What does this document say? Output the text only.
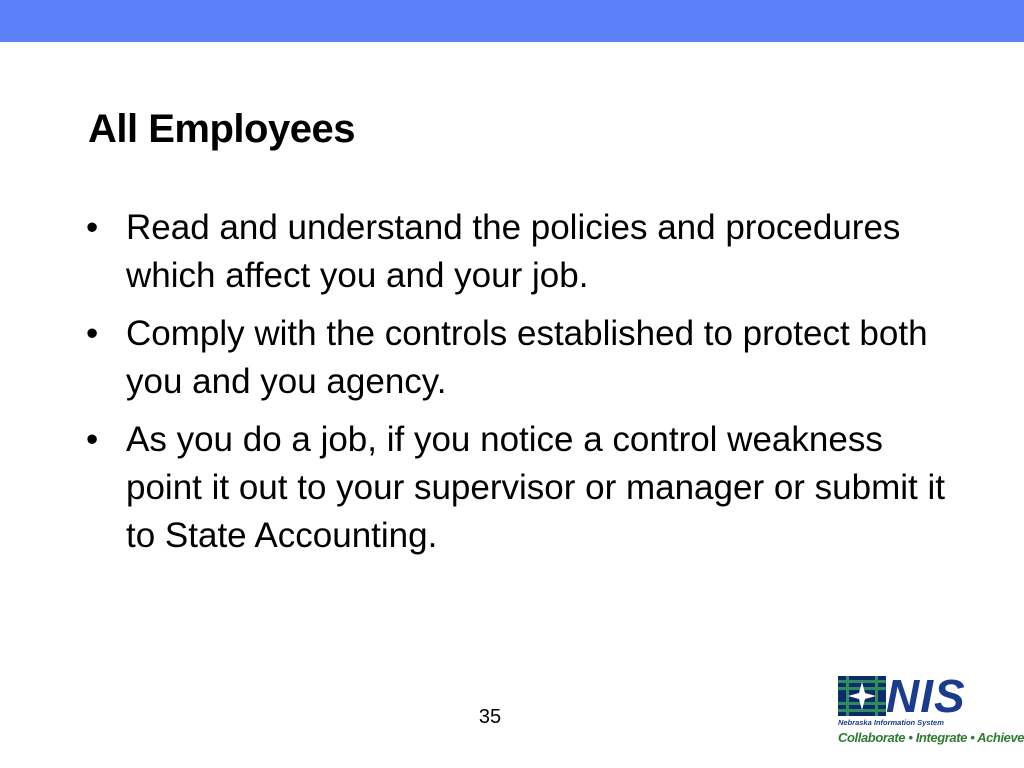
All Employees
• Read and understand the policies and procedures which affect you and your job.
• Comply with the controls established to protect both you and you agency.
• As you do a job, if you notice a control weakness point it out to your supervisor or manager or submit it to State Accounting.
35	NIS
Nebraska Information System
Collaborate • Integrate • Achieve
